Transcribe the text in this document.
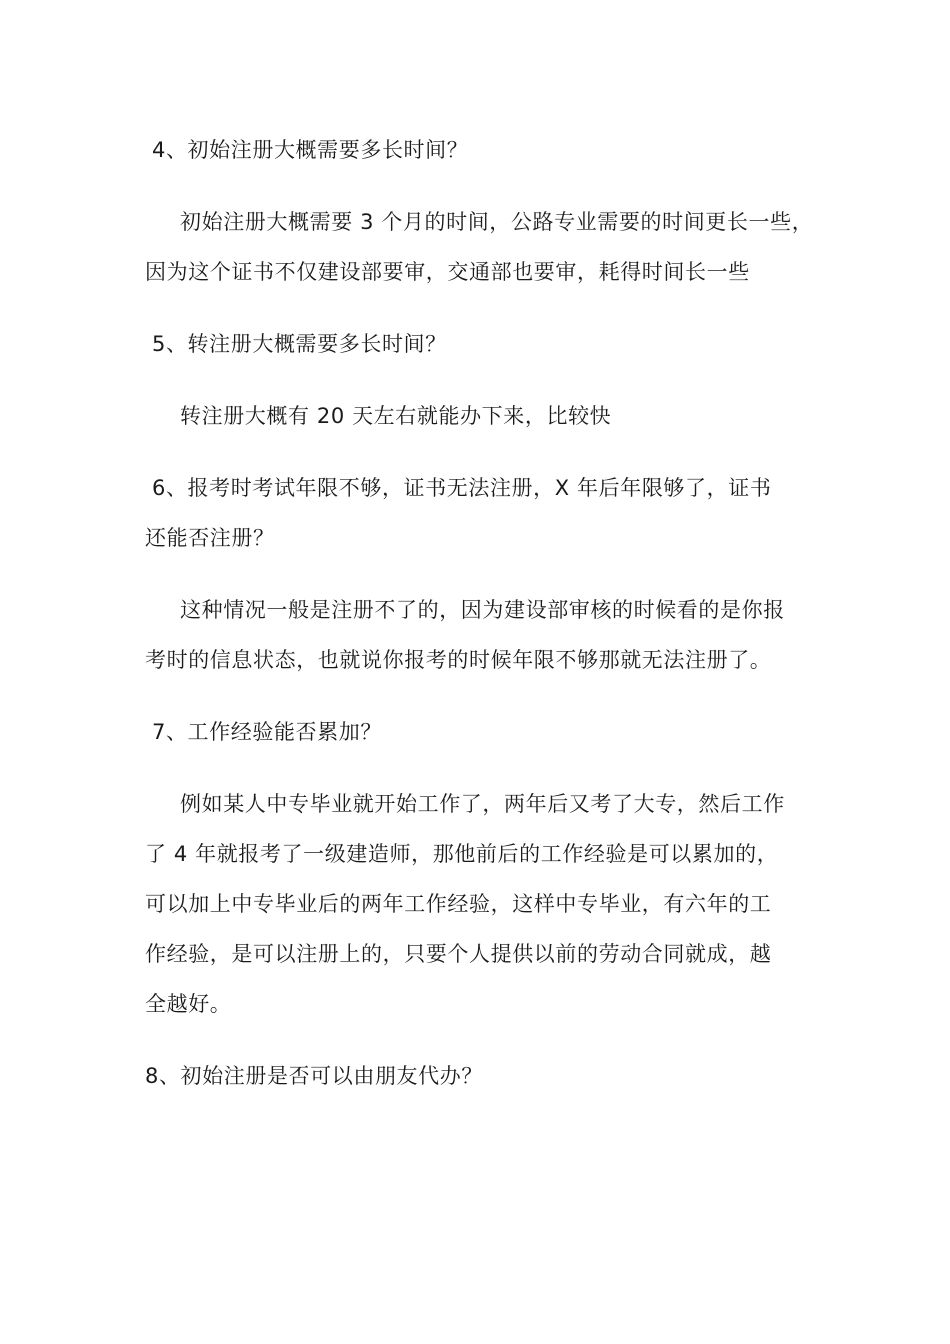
4、初始注册大概需要多长时间？
初始注册大概需要 3 个月的时间，公路专业需要的时间更长一些，
因为这个证书不仅建设部要审，交通部也要审，耗得时间长一些
5、转注册大概需要多长时间？
转注册大概有 20 天左右就能办下来，比较快
6、报考时考试年限不够，证书无法注册，X 年后年限够了，证书
还能否注册？
这种情况一般是注册不了的，因为建设部审核的时候看的是你报
考时的信息状态，也就说你报考的时候年限不够那就无法注册了。
7、工作经验能否累加？
例如某人中专毕业就开始工作了，两年后又考了大专，然后工作
了 4 年就报考了一级建造师，那他前后的工作经验是可以累加的，
可以加上中专毕业后的两年工作经验，这样中专毕业，有六年的工
作经验，是可以注册上的，只要个人提供以前的劳动合同就成，越
全越好。
8、初始注册是否可以由朋友代办？
